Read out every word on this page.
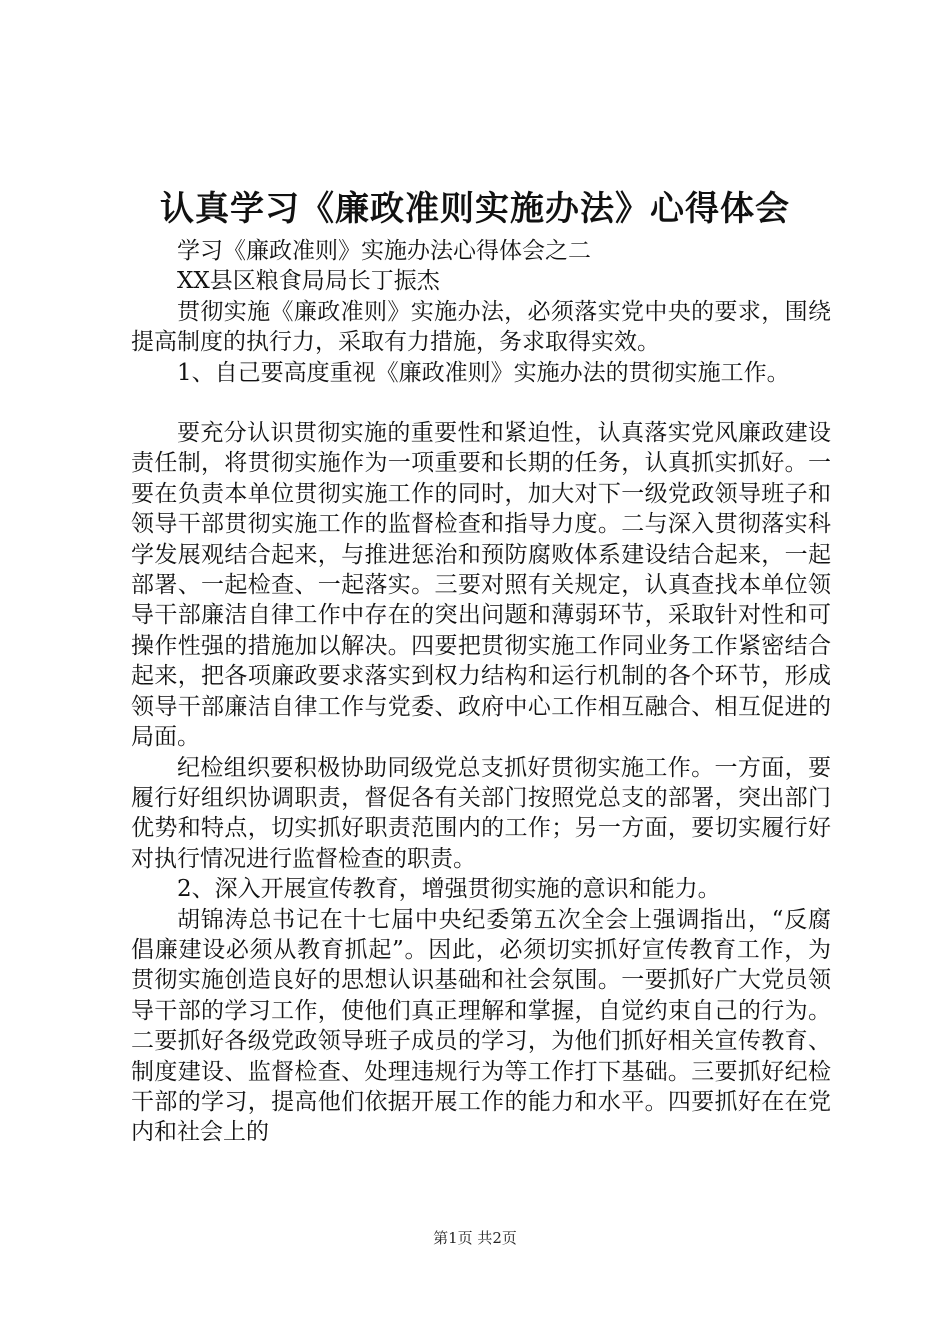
认真学习《廉政准则实施办法》心得体会

学习《廉政准则》实施办法心得体会之二

XX县区粮食局局长丁振杰

贯彻实施《廉政准则》实施办法，必须落实党中央的要求，围绕提高制度的执行力，采取有力措施，务求取得实效。

1、自己要高度重视《廉政准则》实施办法的贯彻实施工作。

要充分认识贯彻实施的重要性和紧迫性，认真落实党风廉政建设责任制，将贯彻实施作为一项重要和长期的任务，认真抓实抓好。一要在负责本单位贯彻实施工作的同时，加大对下一级党政领导班子和领导干部贯彻实施工作的监督检查和指导力度。二与深入贯彻落实科学发展观结合起来，与推进惩治和预防腐败体系建设结合起来，一起部署、一起检查、一起落实。三要对照有关规定，认真查找本单位领导干部廉洁自律工作中存在的突出问题和薄弱环节，采取针对性和可操作性强的措施加以解决。四要把贯彻实施工作同业务工作紧密结合起来，把各项廉政要求落实到权力结构和运行机制的各个环节，形成领导干部廉洁自律工作与党委、政府中心工作相互融合、相互促进的局面。

纪检组织要积极协助同级党总支抓好贯彻实施工作。一方面，要履行好组织协调职责，督促各有关部门按照党总支的部署，突出部门优势和特点，切实抓好职责范围内的工作；另一方面，要切实履行好对执行情况进行监督检查的职责。

2、深入开展宣传教育，增强贯彻实施的意识和能力。

胡锦涛总书记在十七届中央纪委第五次全会上强调指出，“反腐倡廉建设必须从教育抓起”。因此，必须切实抓好宣传教育工作，为贯彻实施创造良好的思想认识基础和社会氛围。一要抓好广大党员领导干部的学习工作，使他们真正理解和掌握，自觉约束自己的行为。二要抓好各级党政领导班子成员的学习，为他们抓好相关宣传教育、制度建设、监督检查、处理违规行为等工作打下基础。三要抓好纪检干部的学习，提高他们依据开展工作的能力和水平。四要抓好在在党内和社会上的

第1页 共2页
